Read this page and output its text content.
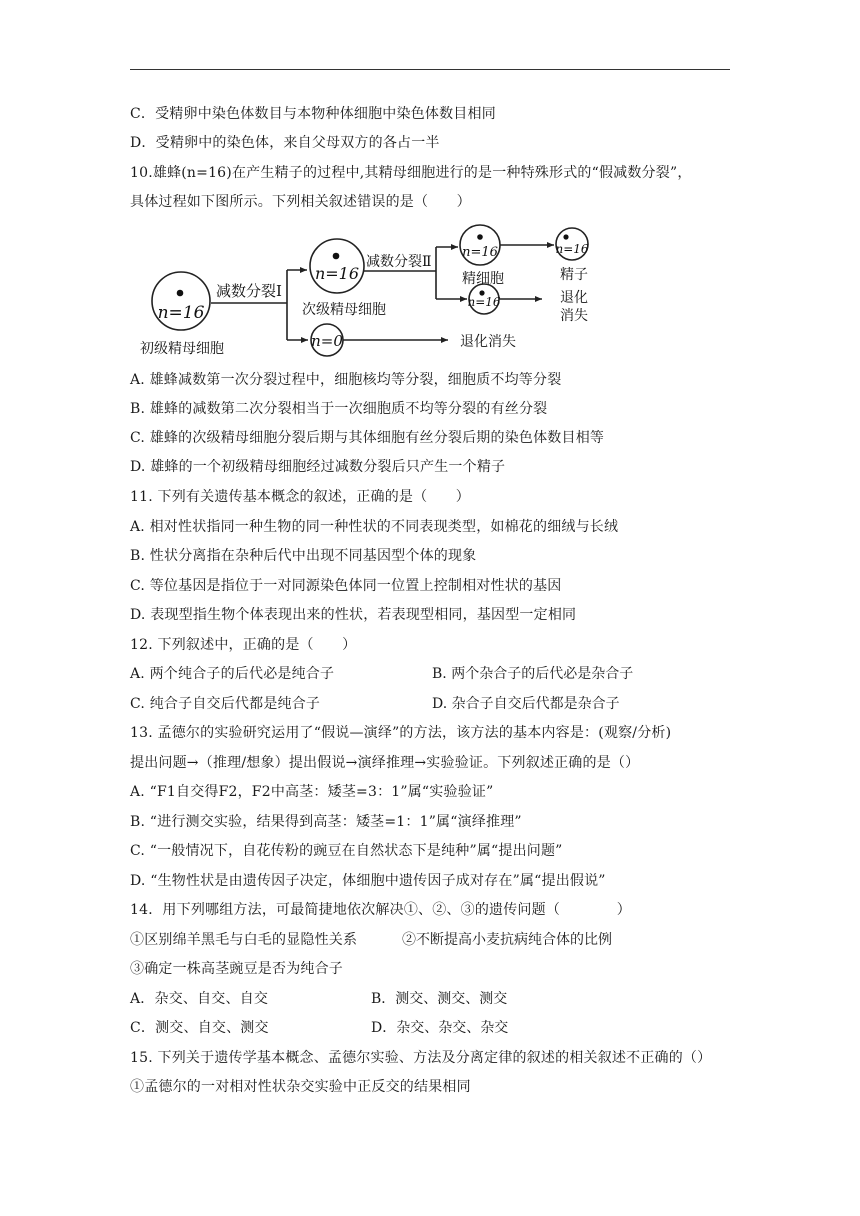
C．受精卵中染色体数目与本物种体细胞中染色体数目相同
D．受精卵中的染色体，来自父母双方的各占一半
10.雄蜂(n=16)在产生精子的过程中,其精母细胞进行的是一种特殊形式的“假减数分裂”，
具体过程如下图所示。下列相关叙述错误的是（　　）
n=16
n=16
n=0
n=16	n=16
n=16
减数分裂Ⅰ
减数分裂Ⅱ
初级精母细胞
次级精母细胞
精细胞	精子
退化
消失
退化消失
A. 雄蜂减数第一次分裂过程中，细胞核均等分裂，细胞质不均等分裂
B. 雄蜂的减数第二次分裂相当于一次细胞质不均等分裂的有丝分裂
C. 雄蜂的次级精母细胞分裂后期与其体细胞有丝分裂后期的染色体数目相等
D. 雄蜂的一个初级精母细胞经过减数分裂后只产生一个精子
11. 下列有关遗传基本概念的叙述，正确的是（　　）
A. 相对性状指同一种生物的同一种性状的不同表现类型，如棉花的细绒与长绒
B. 性状分离指在杂种后代中出现不同基因型个体的现象
C. 等位基因是指位于一对同源染色体同一位置上控制相对性状的基因
D. 表现型指生物个体表现出来的性状，若表现型相同，基因型一定相同
12. 下列叙述中，正确的是（　　）
A. 两个纯合子的后代必是纯合子	B. 两个杂合子的后代必是杂合子
C. 纯合子自交后代都是纯合子	D. 杂合子自交后代都是杂合子
13. 孟德尔的实验研究运用了“假说—演绎”的方法，该方法的基本内容是：(观察/分析)
提出问题→（推理/想象）提出假说→演绎推理→实验验证。下列叙述正确的是（）
A. “F1自交得F2，F2中高茎：矮茎=3：1”属“实验验证”
B. “进行测交实验，结果得到高茎：矮茎=1：1”属“演绎推理”
C. “一般情况下，自花传粉的豌豆在自然状态下是纯种”属“提出问题”
D. “生物性状是由遗传因子决定，体细胞中遗传因子成对存在”属“提出假说”
14．用下列哪组方法，可最简捷地依次解决①、②、③的遗传问题（　　　　）
①区别绵羊黑毛与白毛的显隐性关系	②不断提高小麦抗病纯合体的比例
③确定一株高茎豌豆是否为纯合子
A．杂交、自交、自交	B．测交、测交、测交
C．测交、自交、测交	D．杂交、杂交、杂交
15. 下列关于遗传学基本概念、孟德尔实验、方法及分离定律的叙述的相关叙述不正确的（）
①孟德尔的一对相对性状杂交实验中正反交的结果相同
